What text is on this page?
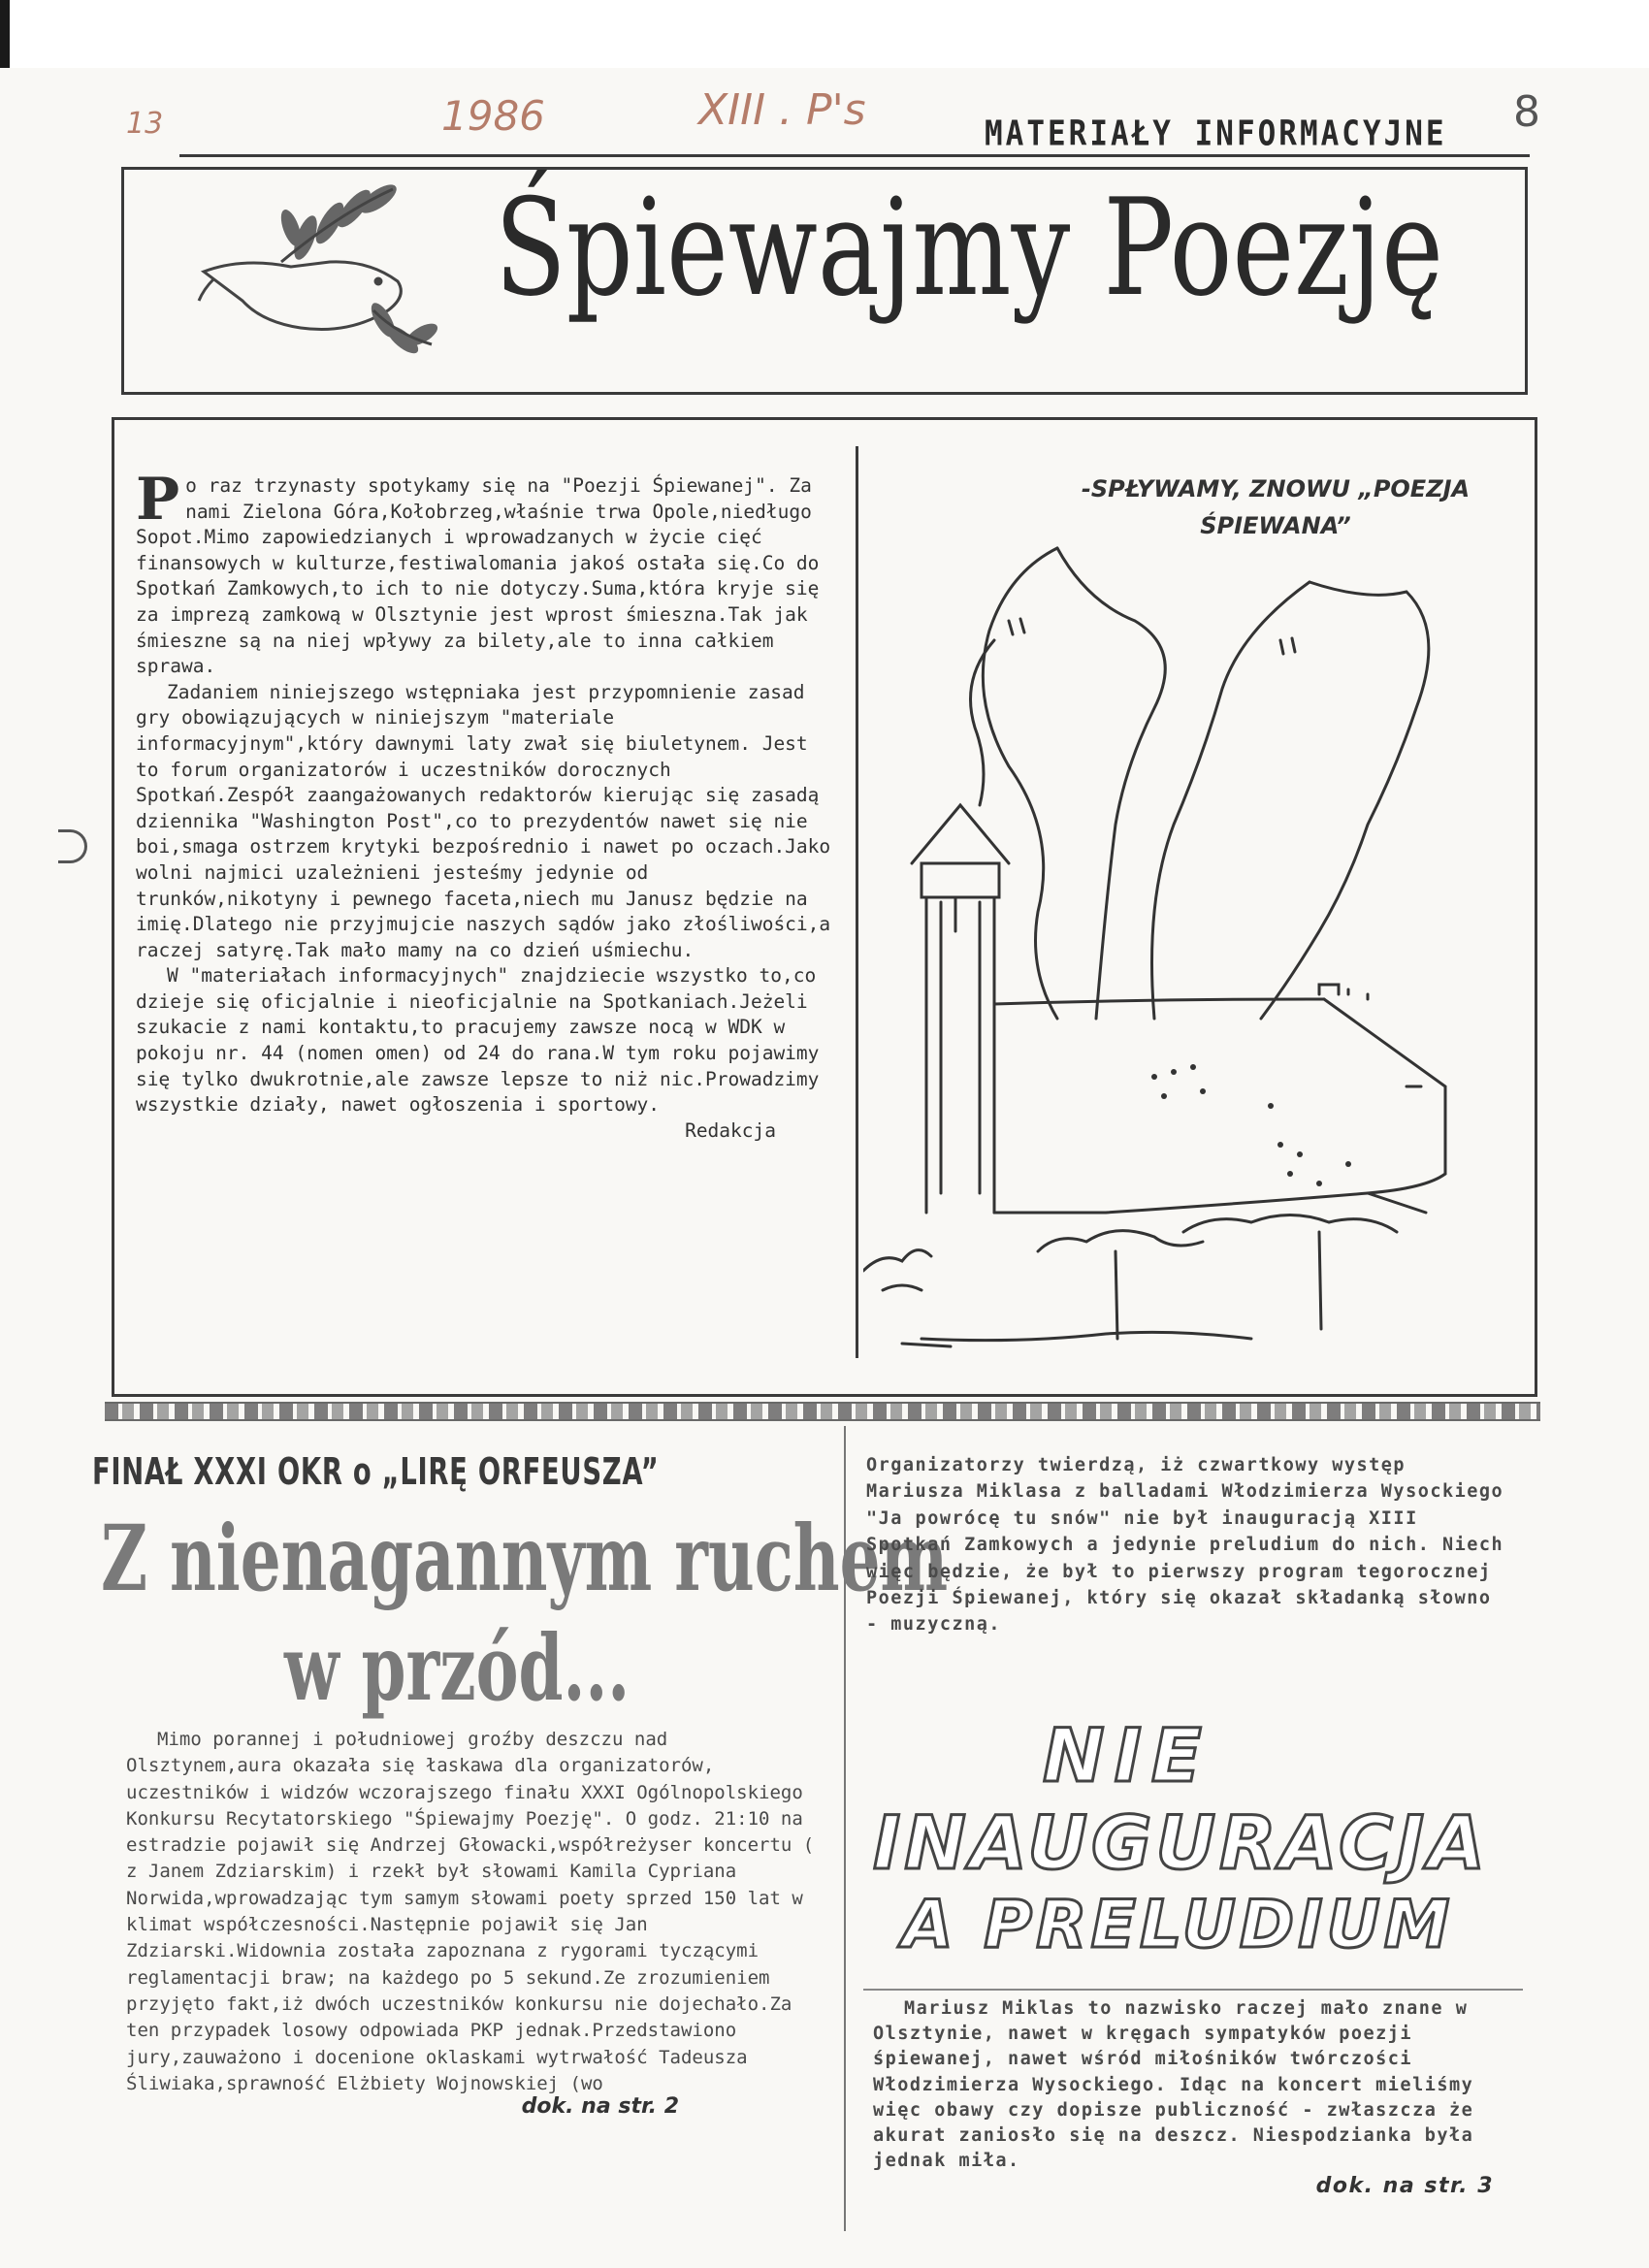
13	1986	XIII . P's	8
MATERIAŁY INFORMACYJNE
Śpiewajmy Poezję

Po raz trzynasty spotykamy się na "Poezji Śpiewanej". Za nami Zielona Góra,Kołobrzeg,właśnie trwa Opole,niedługo Sopot.Mimo zapowiedzianych i wprowadzanych w życie cięć finansowych w kulturze,festiwalomania jakoś ostała się.Co do Spotkań Zamkowych,to ich to nie dotyczy.Suma,która kryje się za imprezą zamkową w Olsztynie jest wprost śmieszna.Tak jak śmieszne są na niej wpływy za bilety,ale to inna całkiem sprawa.

Zadaniem niniejszego wstępniaka jest przypomnienie zasad gry obowiązujących w niniejszym "materiale informacyjnym",który dawnymi laty zwał się biuletynem. Jest to forum organizatorów i uczestników dorocznych Spotkań.Zespół zaangażowanych redaktorów kierując się zasadą dziennika "Washington Post",co to prezydentów nawet się nie boi,smaga ostrzem krytyki bezpośrednio i nawet po oczach.Jako wolni najmici uzależnieni jesteśmy jedynie od trunków,nikotyny i pewnego faceta,niech mu Janusz będzie na imię.Dlatego nie przyjmujcie naszych sądów jako złośliwości,a raczej satyrę.Tak mało mamy na co dzień uśmiechu.

W "materiałach informacyjnych" znajdziecie wszystko to,co dzieje się oficjalnie i nieoficjalnie na Spotkaniach.Jeżeli szukacie z nami kontaktu,to pracujemy zawsze nocą w WDK w pokoju nr. 44 (nomen omen) od 24 do rana.W tym roku pojawimy się tylko dwukrotnie,ale zawsze lepsze to niż nic.Prowadzimy wszystkie działy, nawet ogłoszenia i sportowy.

Redakcja

-SPŁYWAMY, ZNOWU „POEZJA ŚPIEWANA”
FINAŁ XXXI OKR o „LIRĘ ORFEUSZA”
Z nienagannym ruchem
w przód...

Mimo porannej i południowej groźby deszczu nad Olsztynem,aura okazała się łaskawa dla organizatorów, uczestników i widzów wczorajszego finału XXXI Ogólnopolskiego Konkursu Recytatorskiego "Śpiewajmy Poezję". O godz. 21:10 na estradzie pojawił się Andrzej Głowacki,współreżyser koncertu ( z Janem Zdziarskim) i rzekł był słowami Kamila Cypriana Norwida,wprowadzając tym samym słowami poety sprzed 150 lat w klimat współczesności.Następnie pojawił się Jan Zdziarski.Widownia została zapoznana z rygorami tyczącymi reglamentacji braw; na każdego po 5 sekund.Ze zrozumieniem przyjęto fakt,iż dwóch uczestników konkursu nie dojechało.Za ten przypadek losowy odpowiada PKP jednak.Przedstawiono jury,zauważono i docenione oklaskami wytrwałość Tadeusza Śliwiaka,sprawność Elżbiety Wojnowskiej (wo

dok. na str. 2

Organizatorzy twierdzą, iż czwartkowy występ Mariusza Miklasa z balladami Włodzimierza Wysockiego "Ja powrócę tu snów" nie był inauguracją XIII Spotkań Zamkowych a jedynie preludium do nich. Niech więc będzie, że był to pierwszy program tegorocznej Poezji Śpiewanej, który się okazał składanką słowno - muzyczną.
NIE
INAUGURACJA
A PRELUDIUM

Mariusz Miklas to nazwisko raczej mało znane w Olsztynie, nawet w kręgach sympatyków poezji śpiewanej, nawet wśród miłośników twórczości Włodzimierza Wysockiego. Idąc na koncert mieliśmy więc obawy czy dopisze publiczność - zwłaszcza że akurat zaniosło się na deszcz. Niespodzianka była jednak miła.

dok. na str. 3
